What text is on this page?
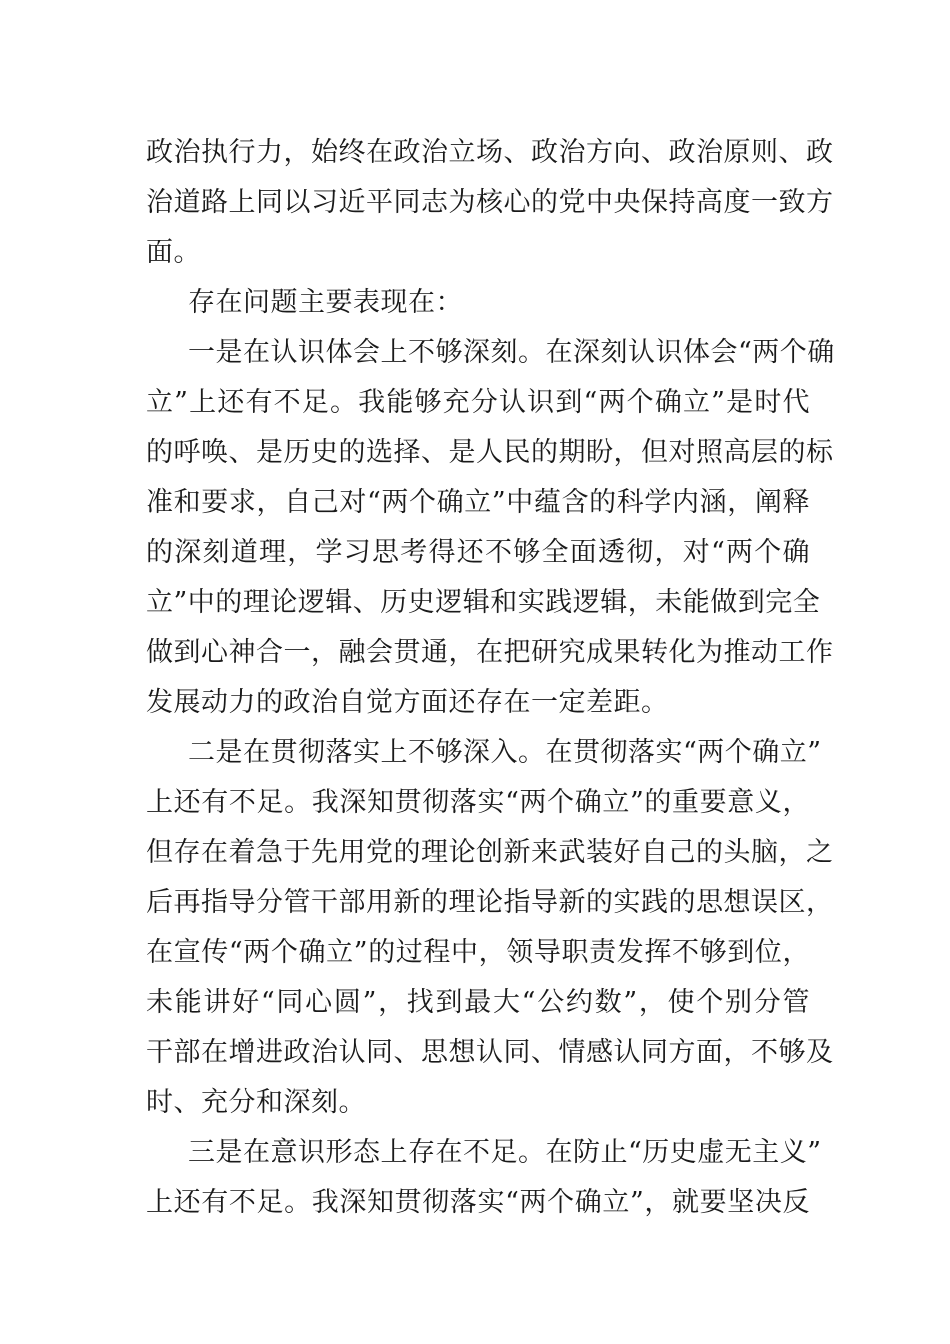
政治执行力，始终在政治立场、政治方向、政治原则、政
治道路上同以习近平同志为核心的党中央保持高度一致方
面。
存在问题主要表现在：
一是在认识体会上不够深刻。在深刻认识体会“两个确
立”上还有不足。我能够充分认识到“两个确立”是时代
的呼唤、是历史的选择、是人民的期盼，但对照高层的标
准和要求，自己对“两个确立”中蕴含的科学内涵，阐释
的深刻道理，学习思考得还不够全面透彻，对“两个确
立”中的理论逻辑、历史逻辑和实践逻辑，未能做到完全
做到心神合一，融会贯通，在把研究成果转化为推动工作
发展动力的政治自觉方面还存在一定差距。
二是在贯彻落实上不够深入。在贯彻落实“两个确立”
上还有不足。我深知贯彻落实“两个确立”的重要意义，
但存在着急于先用党的理论创新来武装好自己的头脑，之
后再指导分管干部用新的理论指导新的实践的思想误区，
在宣传“两个确立”的过程中，领导职责发挥不够到位，
未能讲好“同心圆”，找到最大“公约数”，使个别分管
干部在增进政治认同、思想认同、情感认同方面，不够及
时、充分和深刻。
三是在意识形态上存在不足。在防止“历史虚无主义”
上还有不足。我深知贯彻落实“两个确立”，就要坚决反
